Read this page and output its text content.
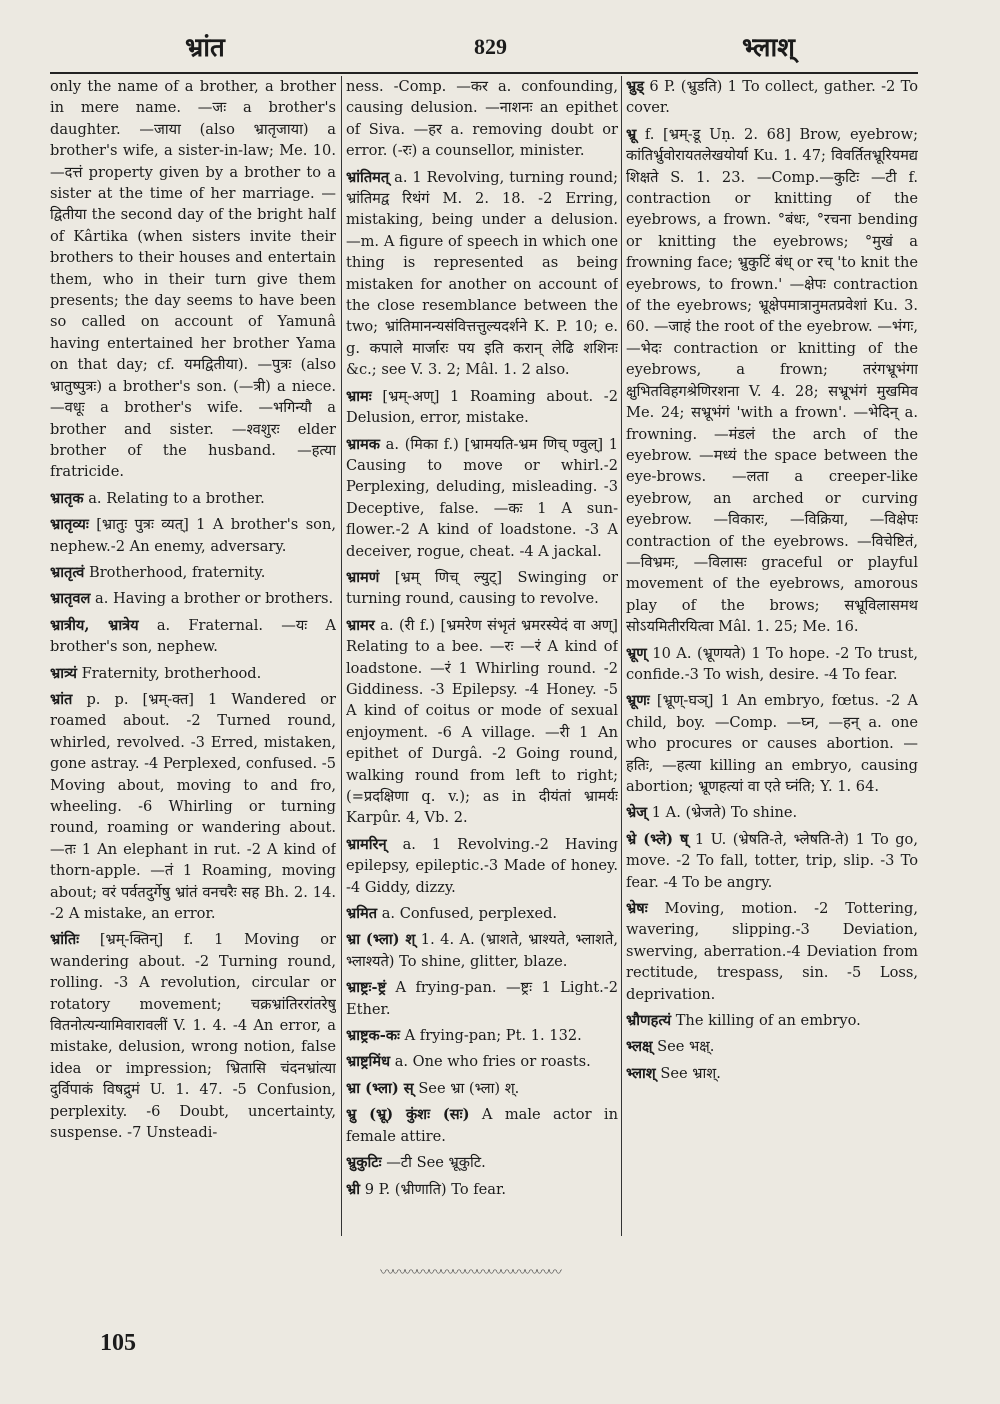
भ्रांत	829	भ्लाश्
only the name of a brother, a brother in mere name. —जः a brother's daughter. —जाया (also भ्रातृजाया) a brother's wife, a sister-in-law; Me. 10. —दत्तं property given by a brother to a sister at the time of her marriage. —द्वितीया the second day of the bright half of Kârtika (when sisters invite their brothers to their houses and entertain them, who in their turn give them presents; the day seems to have been so called on account of Yamunâ having entertained her brother Yama on that day; cf. यमद्वितीया). —पुत्रः (also भ्रातुष्पुत्रः) a brother's son. (—त्री) a niece. —वधूः a brother's wife. —भगिन्यौ a brother and sister. —श्वशुरः elder brother of the husband. —हत्या fratricide.
भ्रातृक a. Relating to a brother.
भ्रातृव्यः [भ्रातुः पुत्रः व्यत्] 1 A brother's son, nephew.-2 An enemy, adversary.
भ्रातृत्वं Brotherhood, fraternity.
भ्रातृवल a. Having a brother or brothers.
भ्रात्रीय, भ्रात्रेय a. Fraternal. —यः A brother's son, nephew.
भ्रात्र्यं Fraternity, brotherhood.
भ्रांत p. p. [भ्रम्-क्त] 1 Wandered or roamed about. -2 Turned round, whirled, revolved. -3 Erred, mistaken, gone astray. -4 Perplexed, confused. -5 Moving about, moving to and fro, wheeling. -6 Whirling or turning round, roaming or wandering about. —तः 1 An elephant in rut. -2 A kind of thorn-apple. —तं 1 Roaming, moving about; वरं पर्वतदुर्गेषु भ्रांतं वनचरैः सह Bh. 2. 14. -2 A mistake, an error.
भ्रांतिः [भ्रम्-क्तिन्] f. 1 Moving or wandering about. -2 Turning round, rolling. -3 A revolution, circular or rotatory movement; चक्रभ्रांतिररांतरेषु वितनोत्यन्यामिवारावलीं V. 1. 4. -4 An error, a mistake, delusion, wrong notion, false idea or impression; भ्रितासि चंदनभ्रांत्या दुर्विपाकं विषद्रुमं U. 1. 47. -5 Confusion, perplexity. -6 Doubt, uncertainty, suspense. -7 Unsteadi-
ness. -Comp. —कर a. confounding, causing delusion. —नाशनः an epithet of Siva. —हर a. removing doubt or error. (-रः) a counsellor, minister.
भ्रांतिमत् a. 1 Revolving, turning round; भ्रांतिमद्व रिथंगं M. 2. 18. -2 Erring, mistaking, being under a delusion. —m. A figure of speech in which one thing is represented as being mistaken for another on account of the close resemblance between the two; भ्रांतिमानन्यसंवित्तत्तुल्यदर्शने K. P. 10; e. g. कपाले मार्जारः पय इति करान् लेढि शशिनः &c.; see V. 3. 2; Mâl. 1. 2 also.
भ्रामः [भ्रम्-अण्] 1 Roaming about. -2 Delusion, error, mistake.
भ्रामक a. (मिका f.) [भ्रामयति-भ्रम णिच् ण्वुल्] 1 Causing to move or whirl.-2 Perplexing, deluding, misleading. -3 Deceptive, false. —कः 1 A sun-flower.-2 A kind of loadstone. -3 A deceiver, rogue, cheat. -4 A jackal.
भ्रामणं [भ्रम् णिच् ल्युट्] Swinging or turning round, causing to revolve.
भ्रामर a. (री f.) [भ्रमरेण संभृतं भ्रमरस्येदं वा अण्] Relating to a bee. —रः —रं A kind of loadstone. —रं 1 Whirling round. -2 Giddiness. -3 Epilepsy. -4 Honey. -5 A kind of coitus or mode of sexual enjoyment. -6 A village. —री 1 An epithet of Durgâ. -2 Going round, walking round from left to right; (=प्रदक्षिणा q. v.); as in दीयंतां भ्रामर्यः Karpûr. 4, Vb. 2.
भ्रामरिन् a. 1 Revolving.-2 Having epilepsy, epileptic.-3 Made of honey. -4 Giddy, dizzy.
भ्रमित a. Confused, perplexed.
भ्रा (भ्ला) श् 1. 4. A. (भ्राशते, भ्राश्यते, भ्लाशते, भ्लाश्यते) To shine, glitter, blaze.
भ्राष्ट्रः-ष्ट्रं A frying-pan. —ष्ट्रः 1 Light.-2 Ether.
भ्राष्ट्रक-कः A frying-pan; Pt. 1. 132.
भ्राष्ट्रमिंध a. One who fries or roasts.
भ्रा (भ्ला) स् See भ्रा (भ्ला) श्.
भ्रु (भ्रू) कुंशः (सः) A male actor in female attire.
भ्रुकुटिः —टी See भ्रूकुटि.
भ्री 9 P. (भ्रीणाति) To fear.
भ्रुड् 6 P. (भ्रुडति) 1 To collect, gather. -2 To cover.
भ्रू f. [भ्रम्-डू Uṇ. 2. 68] Brow, eyebrow; कांतिर्भ्रुवोरायतलेखयोर्या Ku. 1. 47; विवर्तितभ्रूरियमद्य शिक्षते S. 1. 23. —Comp.—कुटिः —टी f. contraction or knitting of the eyebrows, a frown. °बंधः, °रचना bending or knitting the eyebrows; °मुखं a frowning face; भ्रुकुटिं बंध् or रच् 'to knit the eyebrows, to frown.' —क्षेपः contraction of the eyebrows; भ्रूक्षेपमात्रानुमतप्रवेशां Ku. 3. 60. —जाहं the root of the eyebrow. —भंगः, —भेदः contraction or knitting of the eyebrows, a frown; तरंगभ्रूभंगा क्षुभितविहगश्रेणिरशना V. 4. 28; सभ्रूभंगं मुखमिव Me. 24; सभ्रूभंगं 'with a frown'. —भेदिन् a. frowning. —मंडलं the arch of the eyebrow. —मध्यं the space between the eye-brows. —लता a creeper-like eyebrow, an arched or curving eyebrow. —विकारः, —विक्रिया, —विक्षेपः contraction of the eyebrows. —विचेष्टितं, —विभ्रमः, —विलासः graceful or playful movement of the eyebrows, amorous play of the brows; सभ्रूविलासमथ सोऽयमितीरयित्वा Mâl. 1. 25; Me. 16.
भ्रूण् 10 A. (भ्रूणयते) 1 To hope. -2 To trust, confide.-3 To wish, desire. -4 To fear.
भ्रूणः [भ्रूण्-घञ्] 1 An embryo, fœtus. -2 A child, boy. —Comp. —घ्न, —हन् a. one who procures or causes abortion. —हतिः, —हत्या killing an embryo, causing abortion; भ्रूणहत्यां वा एते घ्नंति; Y. 1. 64.
भ्रेज् 1 A. (भ्रेजते) To shine.
भ्रे (भ्ले) ष् 1 U. (भ्रेषति-ते, भ्लेषति-ते) 1 To go, move. -2 To fall, totter, trip, slip. -3 To fear. -4 To be angry.
भ्रेषः Moving, motion. -2 Tottering, wavering, slipping.-3 Deviation, swerving, aberration.-4 Deviation from rectitude, trespass, sin. -5 Loss, deprivation.
भ्रौणहत्यं The killing of an embryo.
भ्लक्ष् See भक्ष्.
भ्लाश् See भ्राश्.
〰〰〰〰〰〰〰〰〰〰〰〰〰〰〰
105
